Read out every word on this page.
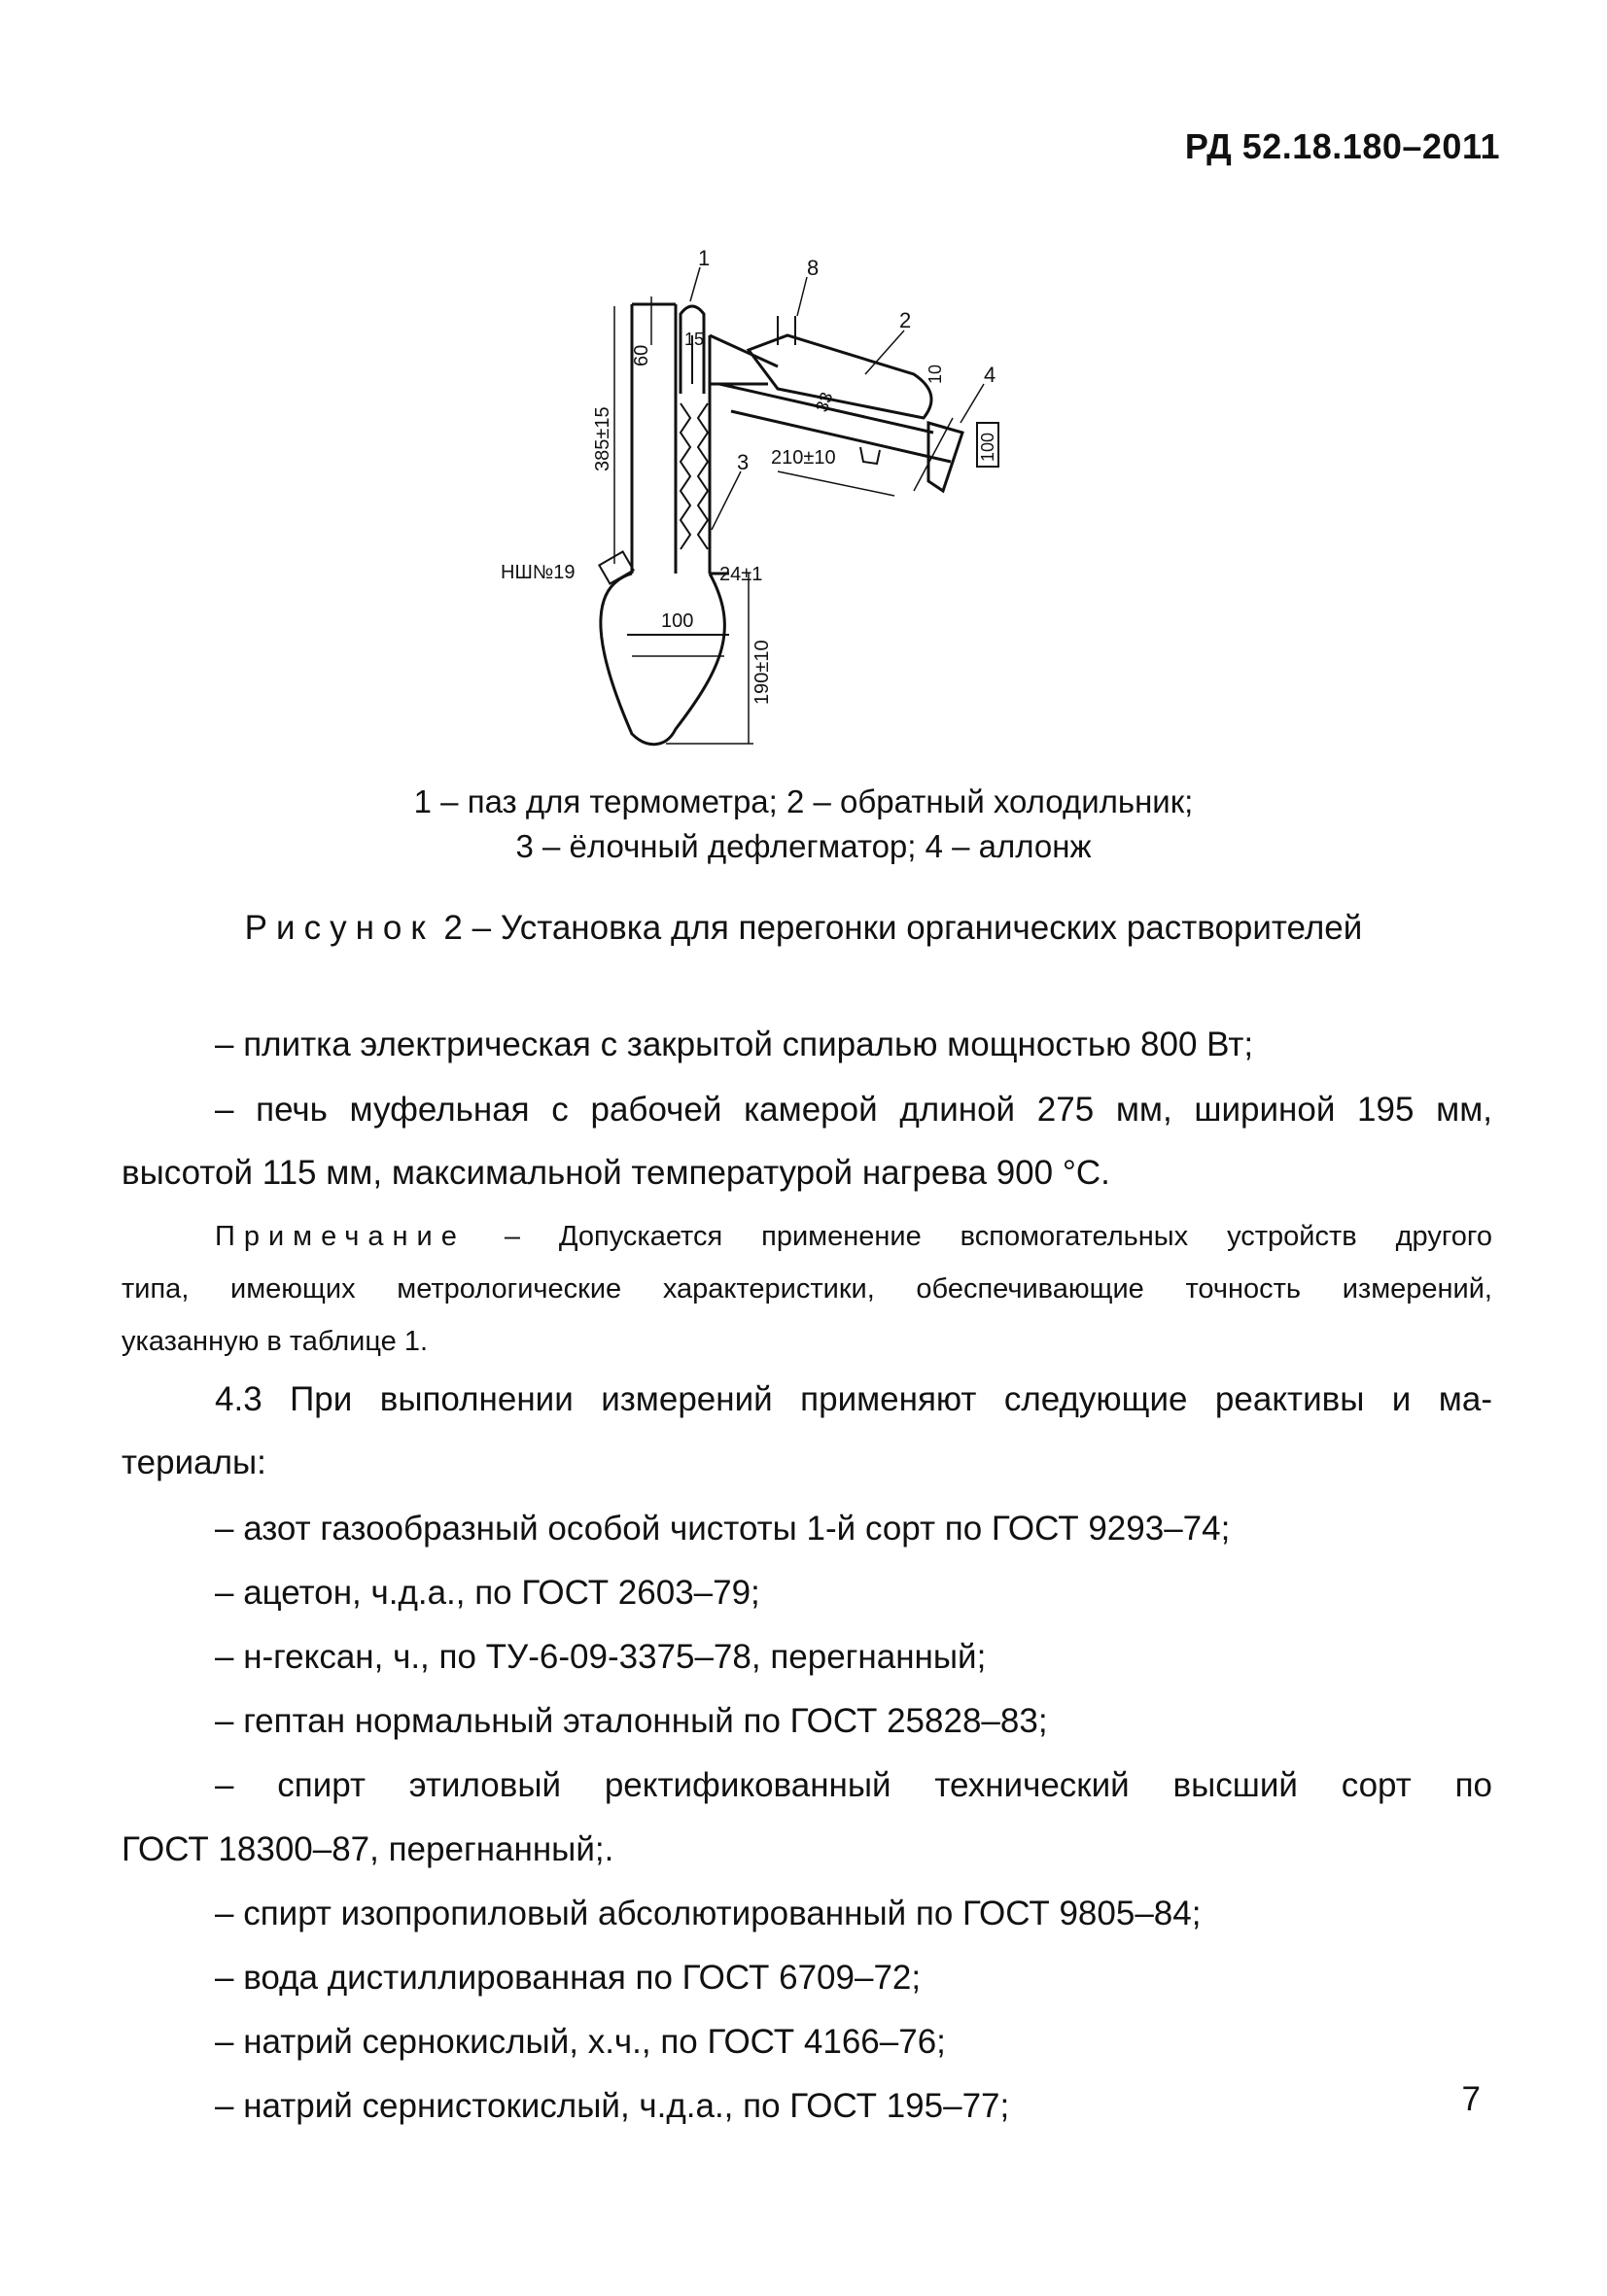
РД 52.18.180–2011
1	8
2
3
4
60
15
385±15
10
33
210±10	100
НШ№19	24±1
100
190±10
1 – паз для термометра; 2 – обратный холодильник;
3 – ёлочный дефлегматор; 4 – аллонж
Рисунок 2 – Установка для перегонки органических растворителей
– плитка электрическая с закрытой спиралью мощностью 800 Вт;
– печь муфельная с рабочей камерой длиной 275 мм, шириной 195 мм,
высотой 115 мм, максимальной температурой нагрева 900 °С.
Примечание – Допускается применение вспомогательных устройств другого
типа, имеющих метрологические характеристики, обеспечивающие точность измерений,
указанную в таблице 1.
4.3 При выполнении измерений применяют следующие реактивы и ма-
териалы:
– азот газообразный особой чистоты 1-й сорт по ГОСТ 9293–74;
– ацетон, ч.д.а., по ГОСТ 2603–79;
– н-гексан, ч., по ТУ-6-09-3375–78, перегнанный;
– гептан нормальный эталонный по ГОСТ 25828–83;
– спирт этиловый ректификованный технический высший сорт по
ГОСТ 18300–87, перегнанный;.
– спирт изопропиловый абсолютированный по ГОСТ 9805–84;
– вода дистиллированная по ГОСТ 6709–72;
– натрий сернокислый, х.ч., по ГОСТ 4166–76;
– натрий сернистокислый, ч.д.а., по ГОСТ 195–77;	7
